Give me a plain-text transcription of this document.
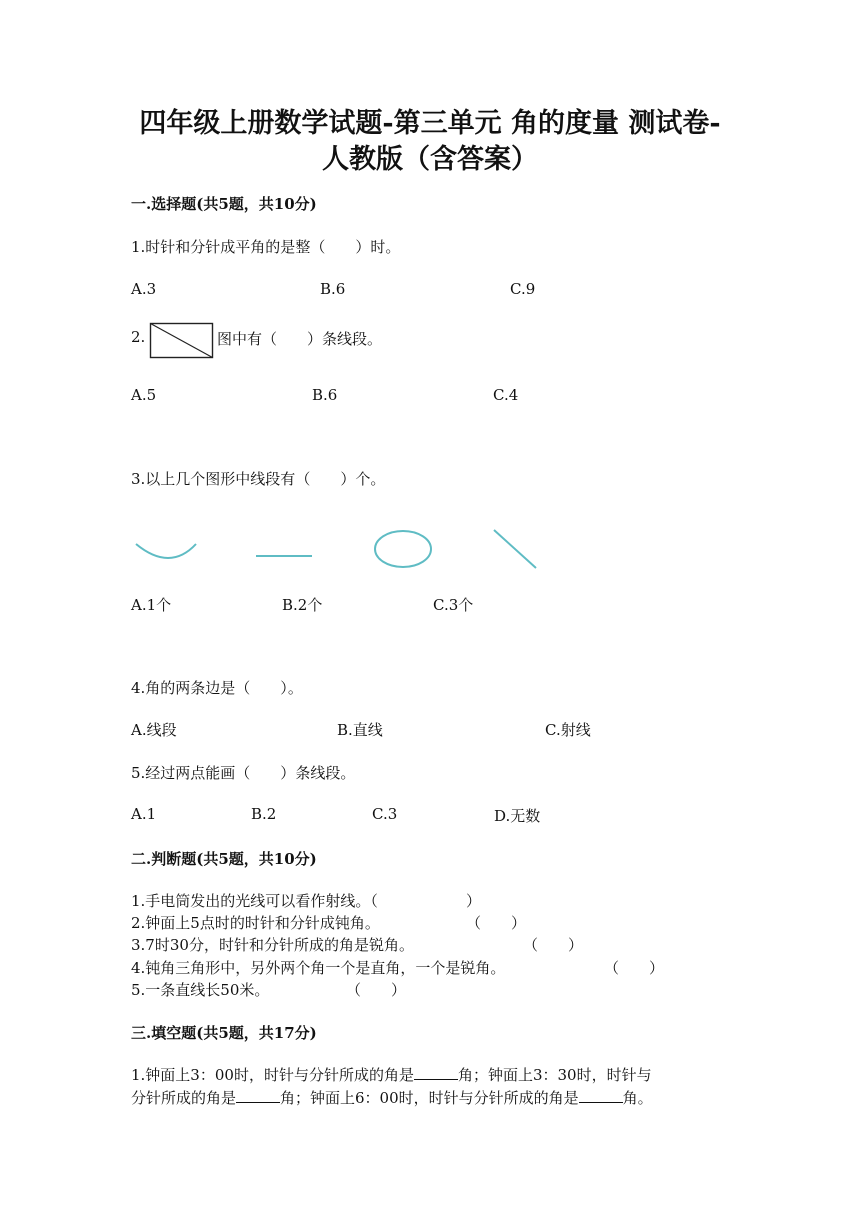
四年级上册数学试题-第三单元 角的度量 测试卷-
人教版（含答案）
一.选择题(共5题，共10分)
1.时针和分针成平角的是整（　　）时。
A.3	B.6	C.9
2.	图中有（　　）条线段。
A.5	B.6	C.4
3.以上几个图形中线段有（　　）个。
A.1个	B.2个	C.3个
4.角的两条边是（　　）。
A.线段	B.直线	C.射线
5.经过两点能画（　　）条线段。
A.1	B.2	C.3	D.无数
二.判断题(共5题，共10分)
1.手电筒发出的光线可以看作射线。（	）
2.钟面上5点时的时针和分针成钝角。	（　　）
3.7时30分，时针和分针所成的角是锐角。	（　　）
4.钝角三角形中，另外两个角一个是直角，一个是锐角。	（　　）
5.一条直线长50米。	（　　）
三.填空题(共5题，共17分)
1.钟面上3：00时，时针与分针所成的角是	角；钟面上3：30时，时针与
分针所成的角是	角；钟面上6：00时，时针与分针所成的角是	角。
